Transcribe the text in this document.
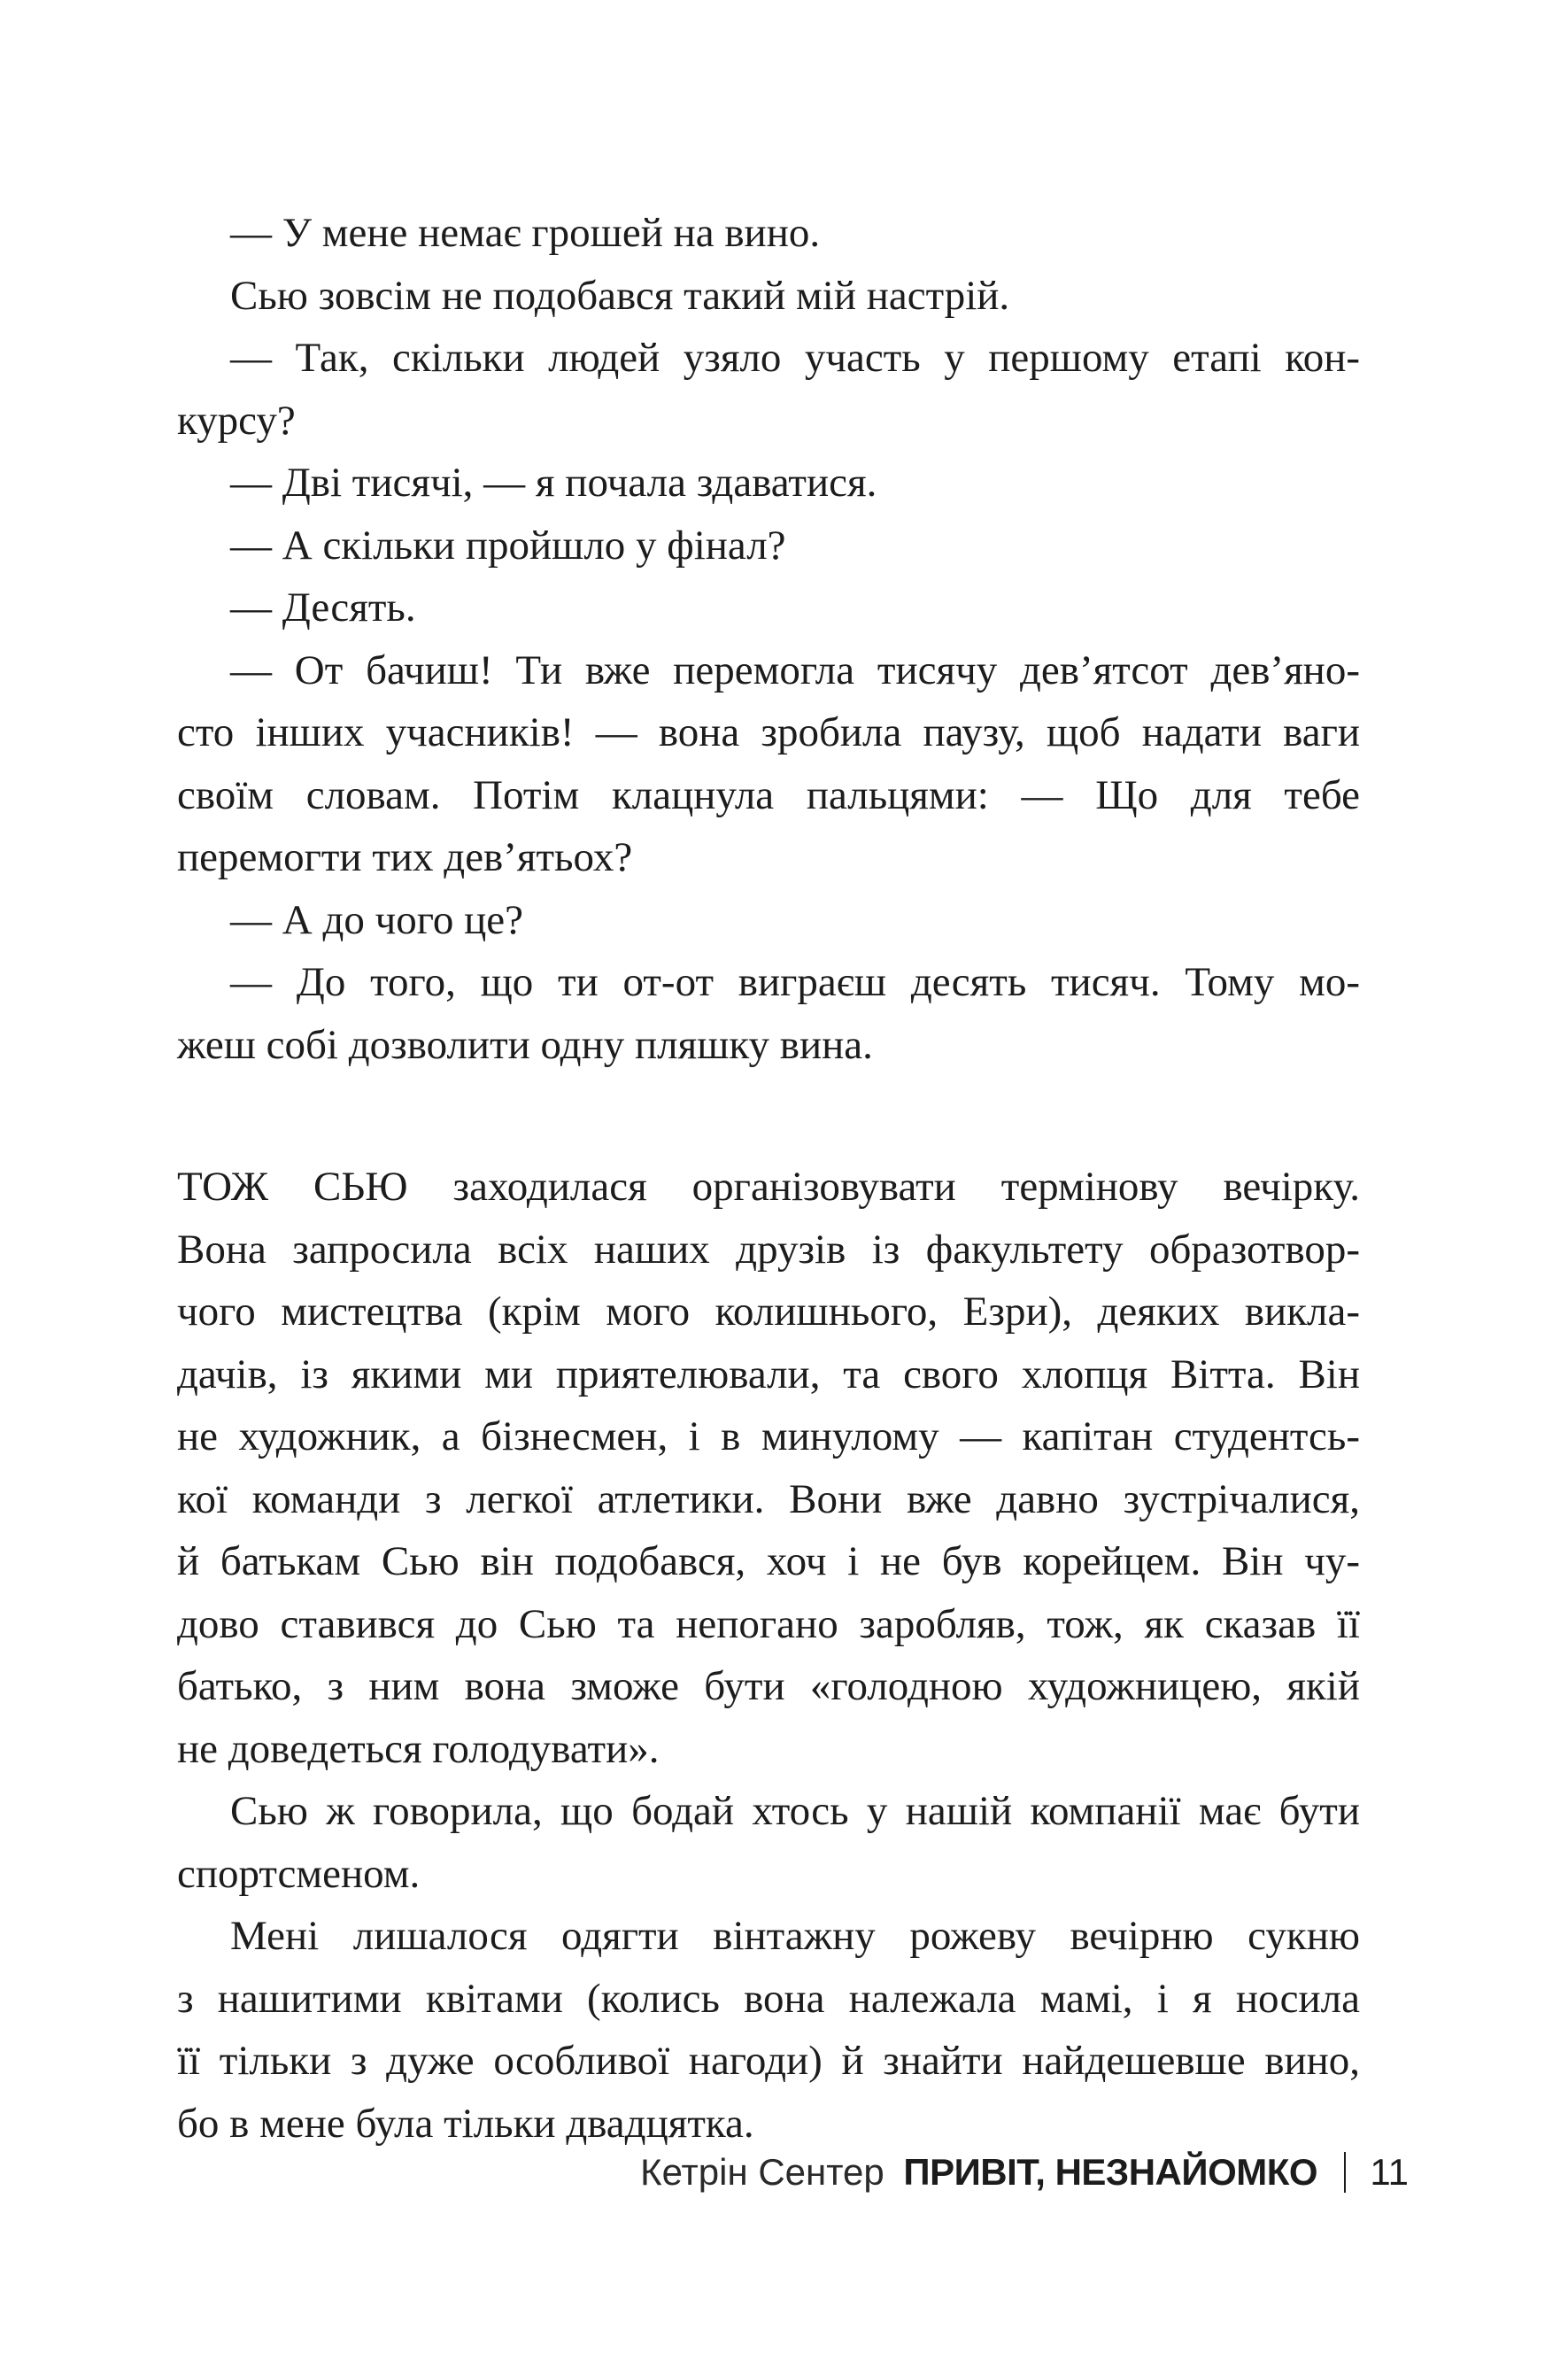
— У мене немає грошей на вино.
Сью зовсім не подобався такий мій настрій.
— Так, скільки людей узяло участь у першому етапі кон-
курсу?
— Дві тисячі, — я почала здаватися.
— А скільки пройшло у фінал?
— Десять.
— От бачиш! Ти вже перемогла тисячу дев’ятсот дев’яно-
сто інших учасників! — вона зробила паузу, щоб надати ваги
своїм словам. Потім клацнула пальцями: — Що для тебе
перемогти тих дев’ятьох?
— А до чого це?
— До того, що ти от-от виграєш десять тисяч. Тому мо-
жеш собі дозволити одну пляшку вина.
ТОЖ СЬЮ заходилася організовувати термінову вечірку.
Вона запросила всіх наших друзів із факультету образотвор-
чого мистецтва (крім мого колишнього, Езри), деяких викла-
дачів, із якими ми приятелювали, та свого хлопця Вітта. Він
не художник, а бізнесмен, і в минулому — капітан студентсь-
кої команди з легкої атлетики. Вони вже давно зустрічалися,
й батькам Сью він подобався, хоч і не був корейцем. Він чу-
дово ставився до Сью та непогано заробляв, тож, як сказав її
батько, з ним вона зможе бути «голодною художницею, якій
не доведеться голодувати».
Сью ж говорила, що бодай хтось у нашій компанії має бути
спортсменом.
Мені лишалося одягти вінтажну рожеву вечірню сукню
з нашитими квітами (колись вона належала мамі, і я носила
її тільки з дуже особливої нагоди) й знайти найдешевше вино,
бо в мене була тільки двадцятка.
Кетрін Сентер ПРИВІТ, НЕЗНАЙОМКО 11
